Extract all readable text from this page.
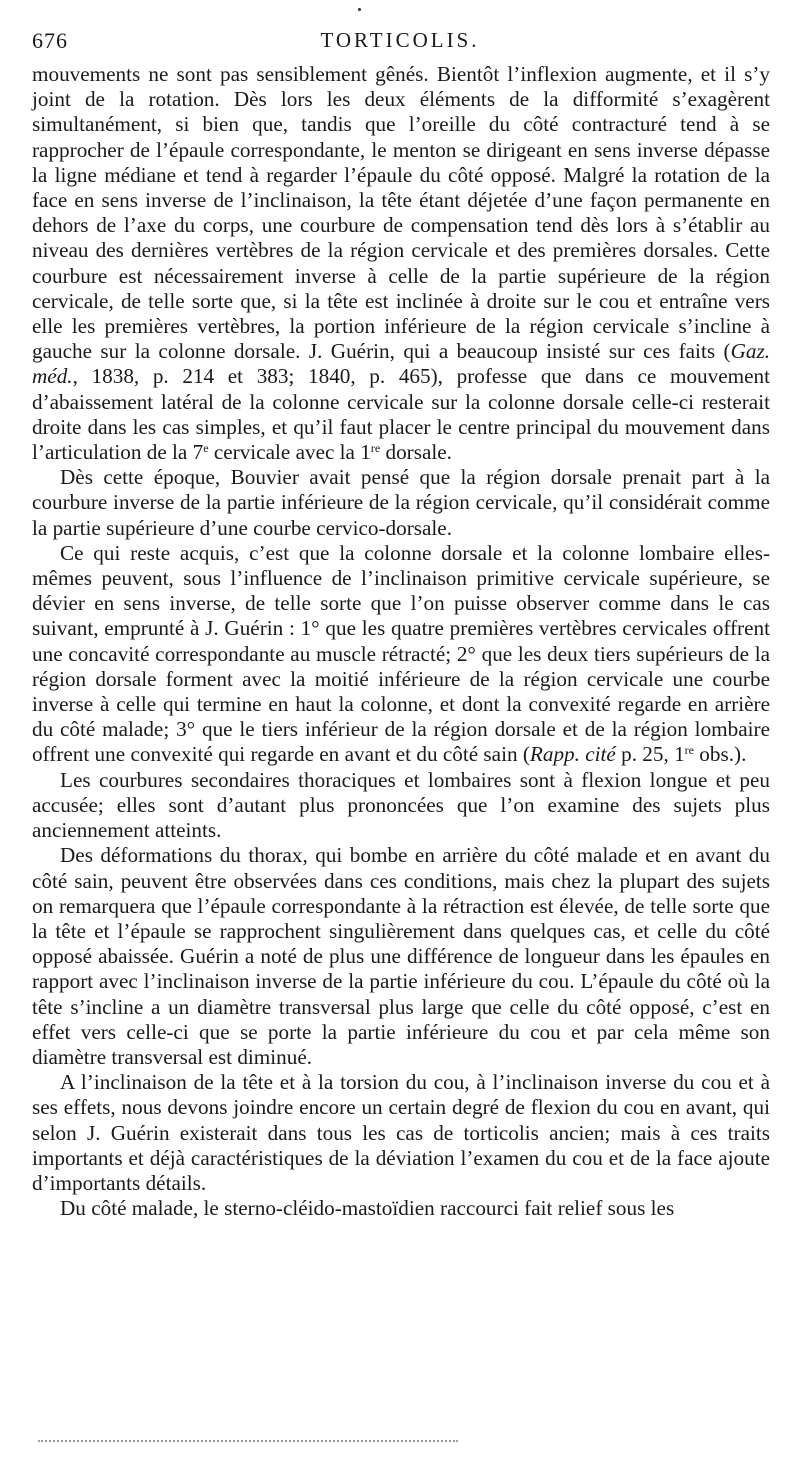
676	TORTICOLIS.

mouvements ne sont pas sensiblement gênés. Bientôt l’inflexion augmente, et il s’y joint de la rotation. Dès lors les deux éléments de la difformité s’exagèrent simultanément, si bien que, tandis que l’oreille du côté contracturé tend à se rapprocher de l’épaule correspondante, le menton se dirigeant en sens inverse dépasse la ligne médiane et tend à regarder l’épaule du côté opposé. Malgré la rotation de la face en sens inverse de l’inclinaison, la tête étant déjetée d’une façon permanente en dehors de l’axe du corps, une courbure de compensation tend dès lors à s’établir au niveau des dernières vertèbres de la région cervicale et des premières dorsales. Cette courbure est nécessairement inverse à celle de la partie supérieure de la région cervicale, de telle sorte que, si la tête est inclinée à droite sur le cou et entraîne vers elle les premières vertèbres, la portion inférieure de la région cervicale s’incline à gauche sur la colonne dorsale. J. Guérin, qui a beaucoup insisté sur ces faits (Gaz. méd., 1838, p. 214 et 383; 1840, p. 465), professe que dans ce mouvement d’abaissement latéral de la colonne cervicale sur la colonne dorsale celle-ci resterait droite dans les cas simples, et qu’il faut placer le centre principal du mouvement dans l’articulation de la 7e cervicale avec la 1re dorsale.

Dès cette époque, Bouvier avait pensé que la région dorsale prenait part à la courbure inverse de la partie inférieure de la région cervicale, qu’il considérait comme la partie supérieure d’une courbe cervico-dorsale.

Ce qui reste acquis, c’est que la colonne dorsale et la colonne lombaire elles-mêmes peuvent, sous l’influence de l’inclinaison primitive cervicale supérieure, se dévier en sens inverse, de telle sorte que l’on puisse observer comme dans le cas suivant, emprunté à J. Guérin : 1° que les quatre premières vertèbres cervicales offrent une concavité correspondante au muscle rétracté; 2° que les deux tiers supérieurs de la région dorsale forment avec la moitié inférieure de la région cervicale une courbe inverse à celle qui termine en haut la colonne, et dont la convexité regarde en arrière du côté malade; 3° que le tiers inférieur de la région dorsale et de la région lombaire offrent une convexité qui regarde en avant et du côté sain (Rapp. cité p. 25, 1re obs.).

Les courbures secondaires thoraciques et lombaires sont à flexion longue et peu accusée; elles sont d’autant plus prononcées que l’on examine des sujets plus anciennement atteints.

Des déformations du thorax, qui bombe en arrière du côté malade et en avant du côté sain, peuvent être observées dans ces conditions, mais chez la plupart des sujets on remarquera que l’épaule correspondante à la rétraction est élevée, de telle sorte que la tête et l’épaule se rapprochent singulièrement dans quelques cas, et celle du côté opposé abaissée. Guérin a noté de plus une différence de longueur dans les épaules en rapport avec l’inclinaison inverse de la partie inférieure du cou. L’épaule du côté où la tête s’incline a un diamètre transversal plus large que celle du côté opposé, c’est en effet vers celle-ci que se porte la partie inférieure du cou et par cela même son diamètre transversal est diminué.

A l’inclinaison de la tête et à la torsion du cou, à l’inclinaison inverse du cou et à ses effets, nous devons joindre encore un certain degré de flexion du cou en avant, qui selon J. Guérin existerait dans tous les cas de torticolis ancien; mais à ces traits importants et déjà caractéristiques de la déviation l’examen du cou et de la face ajoute d’importants détails.

Du côté malade, le sterno-cléido-mastoïdien raccourci fait relief sous les
